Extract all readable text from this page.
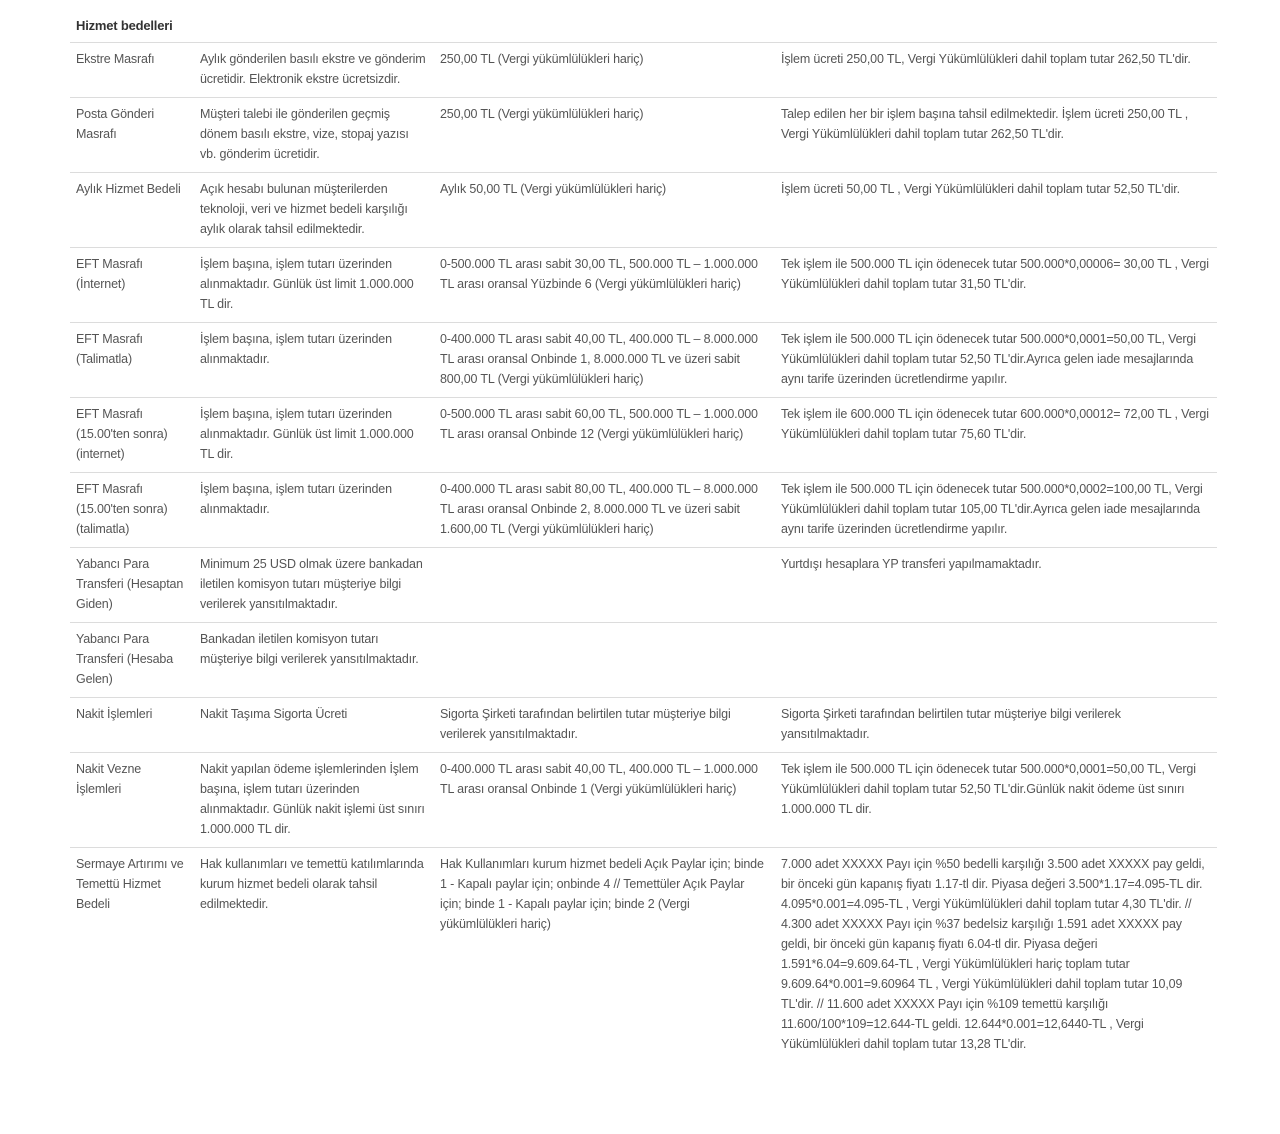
Hizmet bedelleri
Ekstre Masrafı	Aylık gönderilen basılı ekstre ve gönderim ücretidir. Elektronik ekstre ücretsizdir.	250,00 TL (Vergi yükümlülükleri hariç)	İşlem ücreti 250,00 TL, Vergi Yükümlülükleri dahil toplam tutar 262,50 TL'dir.
Posta Gönderi Masrafı	Müşteri talebi ile gönderilen geçmiş dönem basılı ekstre, vize, stopaj yazısı vb. gönderim ücretidir.	250,00 TL (Vergi yükümlülükleri hariç)	Talep edilen her bir işlem başına tahsil edilmektedir. İşlem ücreti 250,00 TL , Vergi Yükümlülükleri dahil toplam tutar 262,50 TL'dir.
Aylık Hizmet Bedeli	Açık hesabı bulunan müşterilerden teknoloji, veri ve hizmet bedeli karşılığı aylık olarak tahsil edilmektedir.	Aylık 50,00 TL (Vergi yükümlülükleri hariç)	İşlem ücreti 50,00 TL , Vergi Yükümlülükleri dahil toplam tutar 52,50 TL'dir.
EFT Masrafı (İnternet)	İşlem başına, işlem tutarı üzerinden alınmaktadır. Günlük üst limit 1.000.000 TL dir.	0-500.000 TL arası sabit 30,00 TL, 500.000 TL – 1.000.000 TL arası oransal Yüzbinde 6 (Vergi yükümlülükleri hariç)	Tek işlem ile 500.000 TL için ödenecek tutar 500.000*0,00006= 30,00 TL , Vergi Yükümlülükleri dahil toplam tutar 31,50 TL'dir.
EFT Masrafı (Talimatla)	İşlem başına, işlem tutarı üzerinden alınmaktadır.	0-400.000 TL arası sabit 40,00 TL, 400.000 TL – 8.000.000 TL arası oransal Onbinde 1, 8.000.000 TL ve üzeri sabit 800,00 TL (Vergi yükümlülükleri hariç)	Tek işlem ile 500.000 TL için ödenecek tutar 500.000*0,0001=50,00 TL, Vergi Yükümlülükleri dahil toplam tutar 52,50 TL'dir.Ayrıca gelen iade mesajlarında aynı tarife üzerinden ücretlendirme yapılır.
EFT Masrafı (15.00'ten sonra) (internet)	İşlem başına, işlem tutarı üzerinden alınmaktadır. Günlük üst limit 1.000.000 TL dir.	0-500.000 TL arası sabit 60,00 TL, 500.000 TL – 1.000.000 TL arası oransal Onbinde 12 (Vergi yükümlülükleri hariç)	Tek işlem ile 600.000 TL için ödenecek tutar 600.000*0,00012= 72,00 TL , Vergi Yükümlülükleri dahil toplam tutar 75,60 TL'dir.
EFT Masrafı (15.00'ten sonra) (talimatla)	İşlem başına, işlem tutarı üzerinden alınmaktadır.	0-400.000 TL arası sabit 80,00 TL, 400.000 TL – 8.000.000 TL arası oransal Onbinde 2, 8.000.000 TL ve üzeri sabit 1.600,00 TL (Vergi yükümlülükleri hariç)	Tek işlem ile 500.000 TL için ödenecek tutar 500.000*0,0002=100,00 TL, Vergi Yükümlülükleri dahil toplam tutar 105,00 TL'dir.Ayrıca gelen iade mesajlarında aynı tarife üzerinden ücretlendirme yapılır.
Yabancı Para Transferi (Hesaptan Giden)	Minimum 25 USD olmak üzere bankadan iletilen komisyon tutarı müşteriye bilgi verilerek yansıtılmaktadır.		Yurtdışı hesaplara YP transferi yapılmamaktadır.
Yabancı Para Transferi (Hesaba Gelen)	Bankadan iletilen komisyon tutarı müşteriye bilgi verilerek yansıtılmaktadır.		
Nakit İşlemleri	Nakit Taşıma Sigorta Ücreti	Sigorta Şirketi tarafından belirtilen tutar müşteriye bilgi verilerek yansıtılmaktadır.	Sigorta Şirketi tarafından belirtilen tutar müşteriye bilgi verilerek yansıtılmaktadır.
Nakit Vezne İşlemleri	Nakit yapılan ödeme işlemlerinden İşlem başına, işlem tutarı üzerinden alınmaktadır. Günlük nakit işlemi üst sınırı 1.000.000 TL dir.	0-400.000 TL arası sabit 40,00 TL, 400.000 TL – 1.000.000 TL arası oransal Onbinde 1 (Vergi yükümlülükleri hariç)	Tek işlem ile 500.000 TL için ödenecek tutar 500.000*0,0001=50,00 TL, Vergi Yükümlülükleri dahil toplam tutar 52,50 TL'dir.Günlük nakit ödeme üst sınırı 1.000.000 TL dir.
Sermaye Artırımı ve Temettü Hizmet Bedeli	Hak kullanımları ve temettü katılımlarında kurum hizmet bedeli olarak tahsil edilmektedir.	Hak Kullanımları kurum hizmet bedeli Açık Paylar için; binde 1 - Kapalı paylar için; onbinde 4 // Temettüler Açık Paylar için; binde 1 - Kapalı paylar için; binde 2 (Vergi yükümlülükleri hariç)	7.000 adet XXXXX Payı için %50 bedelli karşılığı 3.500 adet XXXXX pay geldi, bir önceki gün kapanış fiyatı 1.17-tl dir. Piyasa değeri 3.500*1.17=4.095-TL dir. 4.095*0.001=4.095-TL , Vergi Yükümlülükleri dahil toplam tutar 4,30 TL'dir. // 4.300 adet XXXXX Payı için %37 bedelsiz karşılığı 1.591 adet XXXXX pay geldi, bir önceki gün kapanış fiyatı 6.04-tl dir. Piyasa değeri 1.591*6.04=9.609.64-TL , Vergi Yükümlülükleri hariç toplam tutar 9.609.64*0.001=9.60964 TL , Vergi Yükümlülükleri dahil toplam tutar 10,09 TL'dir. // 11.600 adet XXXXX Payı için %109 temettü karşılığı 11.600/100*109=12.644-TL geldi. 12.644*0.001=12,6440-TL , Vergi Yükümlülükleri dahil toplam tutar 13,28 TL'dir.
